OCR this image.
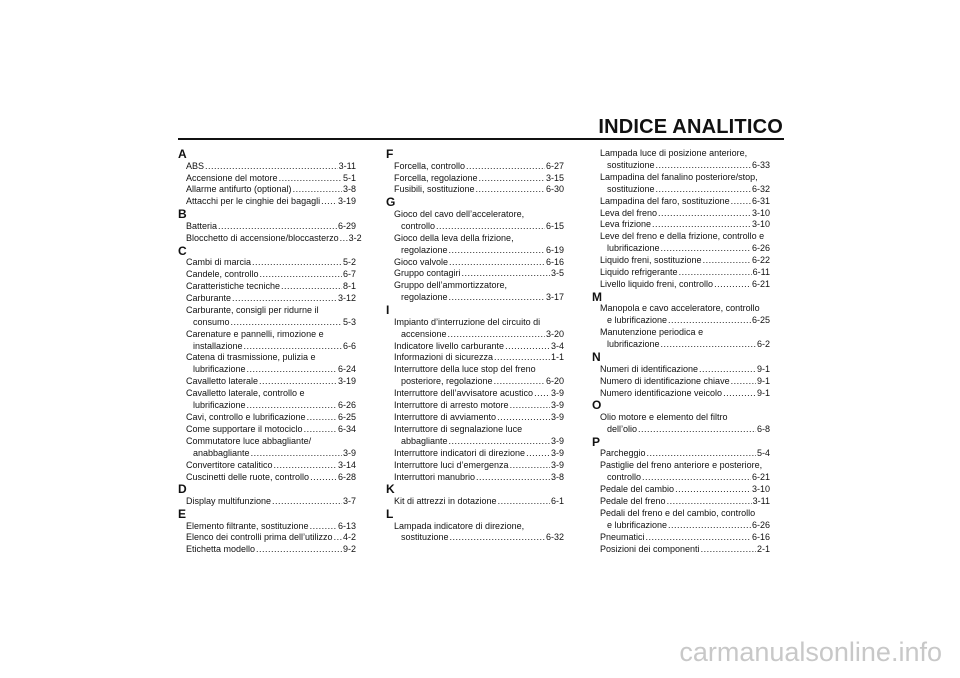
INDICE ANALITICO
A
ABS .....	3-11
Accensione del motore .....	5-1
Allarme antifurto (optional) .....	3-8
Attacchi per le cinghie dei bagagli ..... 3-19
B
Batteria .....	6-29
Blocchetto di accensione/bloccasterzo ..... 3-2
C
Cambi di marcia .....	5-2
Candele, controllo .....	6-7
Caratteristiche tecniche .....	8-1
Carburante .....	3-12
Carburante, consigli per ridurne il
consumo .....	5-3
Carenature e pannelli, rimozione e
installazione .....	6-6
Catena di trasmissione, pulizia e
lubrificazione .....	6-24
Cavalletto laterale .....	3-19
Cavalletto laterale, controllo e
lubrificazione .....	6-26
Cavi, controllo e lubrificazione .....	6-25
Come supportare il motociclo .....	6-34
Commutatore luce abbagliante/
anabbagliante .....	3-9
Convertitore catalitico .....	3-14
Cuscinetti delle ruote, controllo .....	6-28
D
Display multifunzione .....	3-7
E
Elemento filtrante, sostituzione .....	6-13
Elenco dei controlli prima dell’utilizzo ..... 4-2
Etichetta modello .....	9-2
F
Forcella, controllo .....	6-27
Forcella, regolazione .....	3-15
Fusibili, sostituzione .....	6-30
G
Gioco del cavo dell’acceleratore,
controllo .....	6-15
Gioco della leva della frizione,
regolazione .....	6-19
Gioco valvole .....	6-16
Gruppo contagiri .....	3-5
Gruppo dell’ammortizzatore,
regolazione .....	3-17
I
Impianto d’interruzione del circuito di
accensione .....	3-20
Indicatore livello carburante .....	3-4
Informazioni di sicurezza .....	1-1
Interruttore della luce stop del freno
posteriore, regolazione .....	6-20
Interruttore dell’avvisatore acustico ..... 3-9
Interruttore di arresto motore .....	3-9
Interruttore di avviamento .....	3-9
Interruttore di segnalazione luce
abbagliante .....	3-9
Interruttore indicatori di direzione .....	3-9
Interruttore luci d’emergenza .....	3-9
Interruttori manubrio .....	3-8
K
Kit di attrezzi in dotazione .....	6-1
L
Lampada indicatore di direzione,
sostituzione .....	6-32
Lampada luce di posizione anteriore,
sostituzione .....	6-33
Lampadina del fanalino posteriore/stop,
sostituzione .....	6-32
Lampadina del faro, sostituzione ..... 6-31
Leva del freno .....	3-10
Leva frizione .....	3-10
Leve del freno e della frizione, controllo e
lubrificazione .....	6-26
Liquido freni, sostituzione .....	6-22
Liquido refrigerante .....	6-11
Livello liquido freni, controllo .....	6-21
M
Manopola e cavo acceleratore, controllo
e lubrificazione .....	6-25
Manutenzione periodica e
lubrificazione .....	6-2
N
Numeri di identificazione .....	9-1
Numero di identificazione chiave .....	9-1
Numero identificazione veicolo .....	9-1
O
Olio motore e elemento del filtro
dell’olio .....	6-8
P
Parcheggio .....	5-4
Pastiglie del freno anteriore e posteriore,
controllo .....	6-21
Pedale del cambio .....	3-10
Pedale del freno .....	3-11
Pedali del freno e del cambio, controllo
e lubrificazione .....	6-26
Pneumatici .....	6-16
Posizioni dei componenti .....	2-1
carmanualsonline.info
